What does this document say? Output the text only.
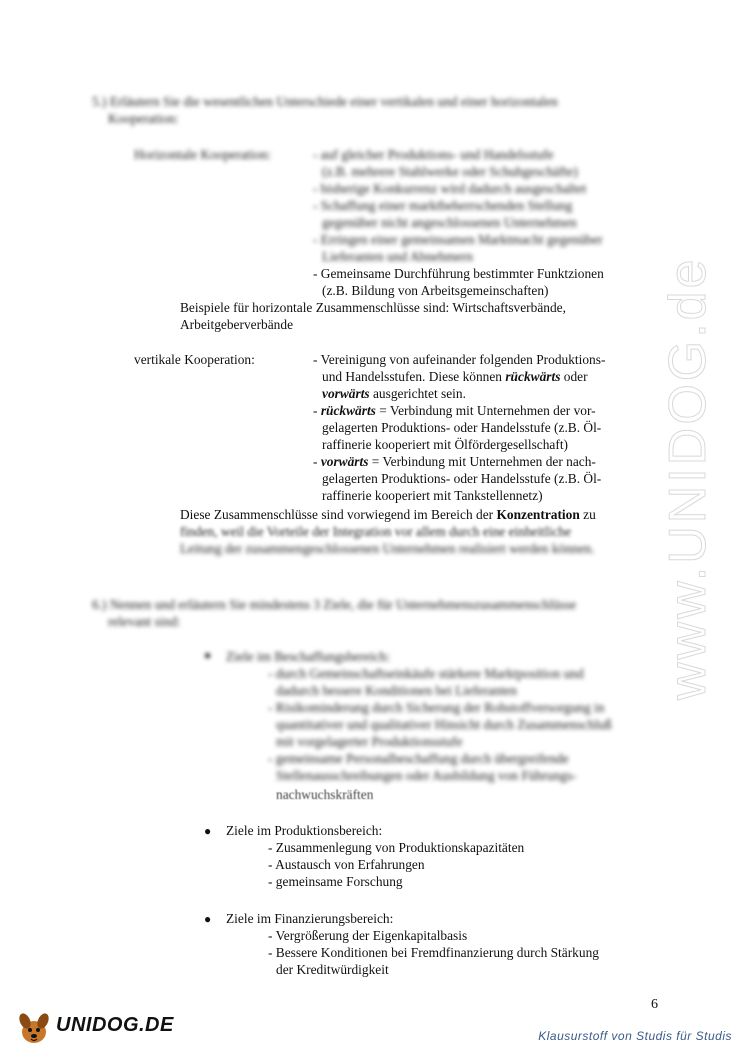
www.UNIDOG.de
5.) Erläutern Sie die wesentlichen Unterschiede einer vertikalen und einer horizontalen
Kooperation:
Horizontale Kooperation:	- auf gleicher Produktions- und Handelsstufe
(z.B. mehrere Stahlwerke oder Schuhgeschäfte)
- bisherige Konkurrenz wird dadurch ausgeschaltet
- Schaffung einer marktbeherrschenden Stellung
gegenüber nicht angeschlossenen Unternehmen
- Erringen einer gemeinsamen Marktmacht gegenüber
Lieferanten und Abnehmern
- Gemeinsame Durchführung bestimmter Funktzionen
(z.B. Bildung von Arbeitsgemeinschaften)
Beispiele für horizontale Zusammenschlüsse sind: Wirtschaftsverbände,
Arbeitgeberverbände
vertikale Kooperation:	- Vereinigung von aufeinander folgenden Produktions-
und Handelsstufen. Diese können rückwärts oder
vorwärts ausgerichtet sein.
- rückwärts = Verbindung mit Unternehmen der vor-
gelagerten Produktions- oder Handelsstufe (z.B. Öl-
raffinerie kooperiert mit Ölfördergesellschaft)
- vorwärts = Verbindung mit Unternehmen der nach-
gelagerten Produktions- oder Handelsstufe (z.B. Öl-
raffinerie kooperiert mit Tankstellennetz)
Diese Zusammenschlüsse sind vorwiegend im Bereich der Konzentration zu
finden, weil die Vorteile der Integration vor allem durch eine einheitliche
Leitung der zusammengeschlossenen Unternehmen realisiert werden können.
6.) Nennen und erläutern Sie mindestens 3 Ziele, die für Unternehmenszusammenschlüsse
relevant sind:
● Ziele im Beschaffungsbereich:
- durch Gemeinschaftseinkäufe stärkere Marktposition und
dadurch bessere Konditionen bei Lieferanten
- Risikominderung durch Sicherung der Rohstoffversorgung in
quantitativer und qualitativer Hinsicht durch Zusammenschluß
mit vorgelagerter Produktionsstufe
- gemeinsame Personalbeschaffung durch übergreifende
Stellenausschreibungen oder Ausbildung von Führungs-
nachwuchskräften
● Ziele im Produktionsbereich:
- Zusammenlegung von Produktionskapazitäten
- Austausch von Erfahrungen
- gemeinsame Forschung
● Ziele im Finanzierungsbereich:
- Vergrößerung der Eigenkapitalbasis
- Bessere Konditionen bei Fremdfinanzierung durch Stärkung
der Kreditwürdigkeit
6
UNIDOG.DE	Klausurstoff von Studis für Studis
